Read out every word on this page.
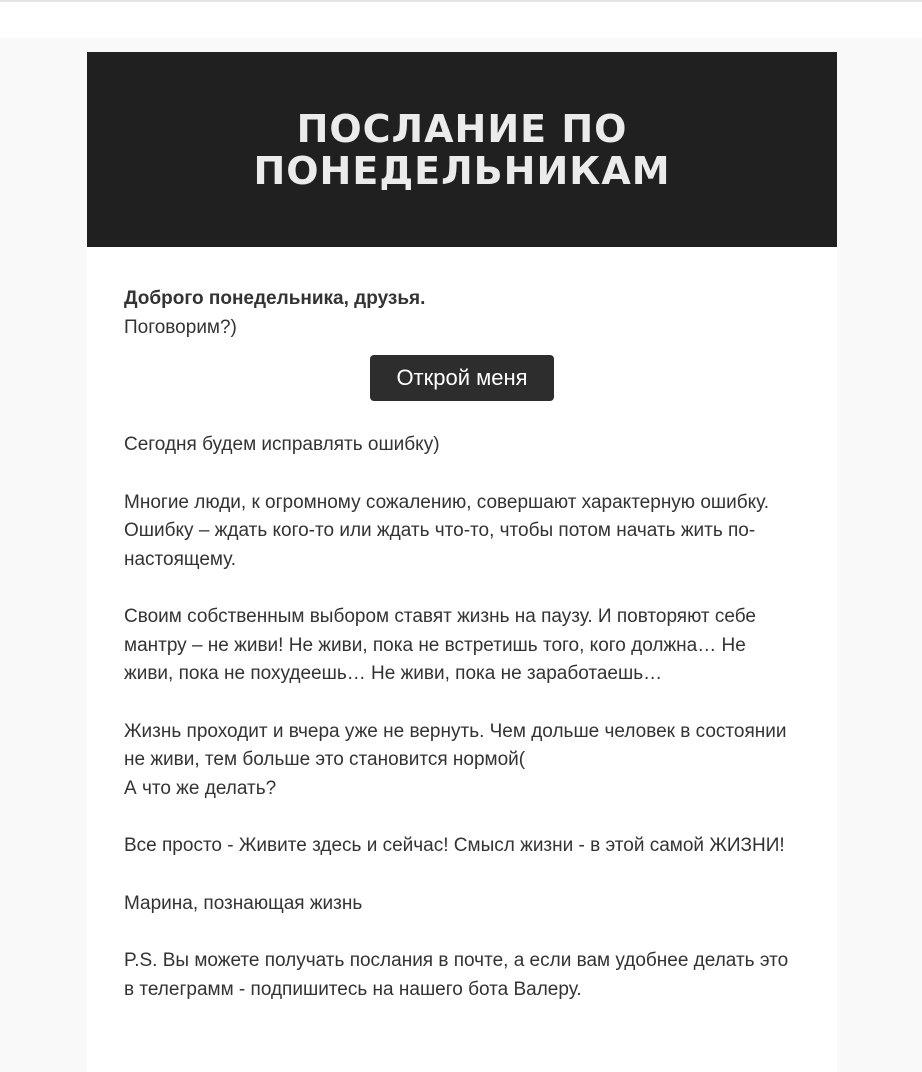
ПОСЛАНИЕ ПО
ПОНЕДЕЛЬНИКАМ

Доброго понедельника, друзья.

Поговорим?)

Открой меня

Сегодня будем исправлять ошибку)

Многие люди, к огромному сожалению, совершают характерную ошибку. Ошибку – ждать кого-то или ждать что-то, чтобы потом начать жить по-настоящему.

Своим собственным выбором ставят жизнь на паузу. И повторяют себе мантру – не живи! Не живи, пока не встретишь того, кого должна… Не живи, пока не похудеешь… Не живи, пока не заработаешь…

Жизнь проходит и вчера уже не вернуть. Чем дольше человек в состоянии не живи, тем больше это становится нормой(
А что же делать?

Все просто - Живите здесь и сейчас! Смысл жизни - в этой самой ЖИЗНИ!

Марина, познающая жизнь

P.S. Вы можете получать послания в почте, а если вам удобнее делать это в телеграмм - подпишитесь на нашего бота Валеру.
